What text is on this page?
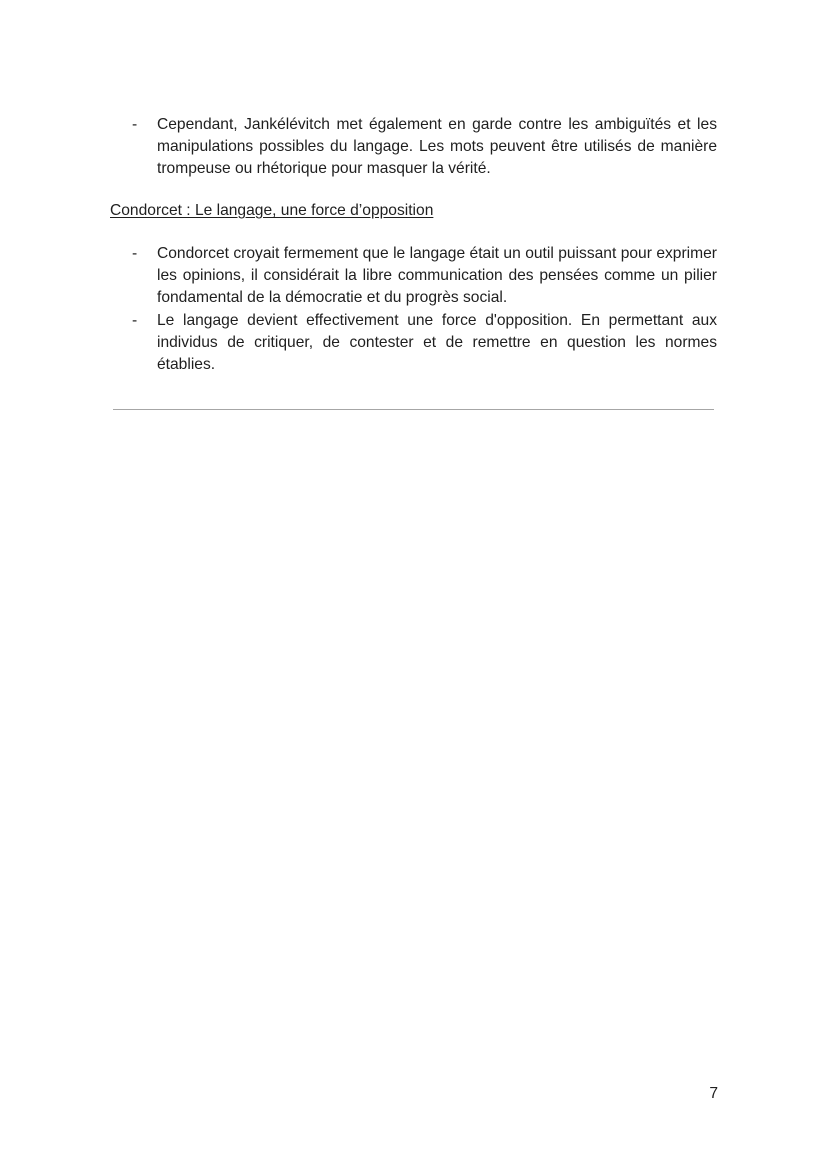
- Cependant, Jankélévitch met également en garde contre les ambiguïtés et les manipulations possibles du langage. Les mots peuvent être utilisés de manière trompeuse ou rhétorique pour masquer la vérité.
Condorcet : Le langage, une force d’opposition
- Condorcet croyait fermement que le langage était un outil puissant pour exprimer les opinions, il considérait la libre communication des pensées comme un pilier fondamental de la démocratie et du progrès social.
- Le langage devient effectivement une force d'opposition. En permettant aux individus de critiquer, de contester et de remettre en question les normes établies.
7
